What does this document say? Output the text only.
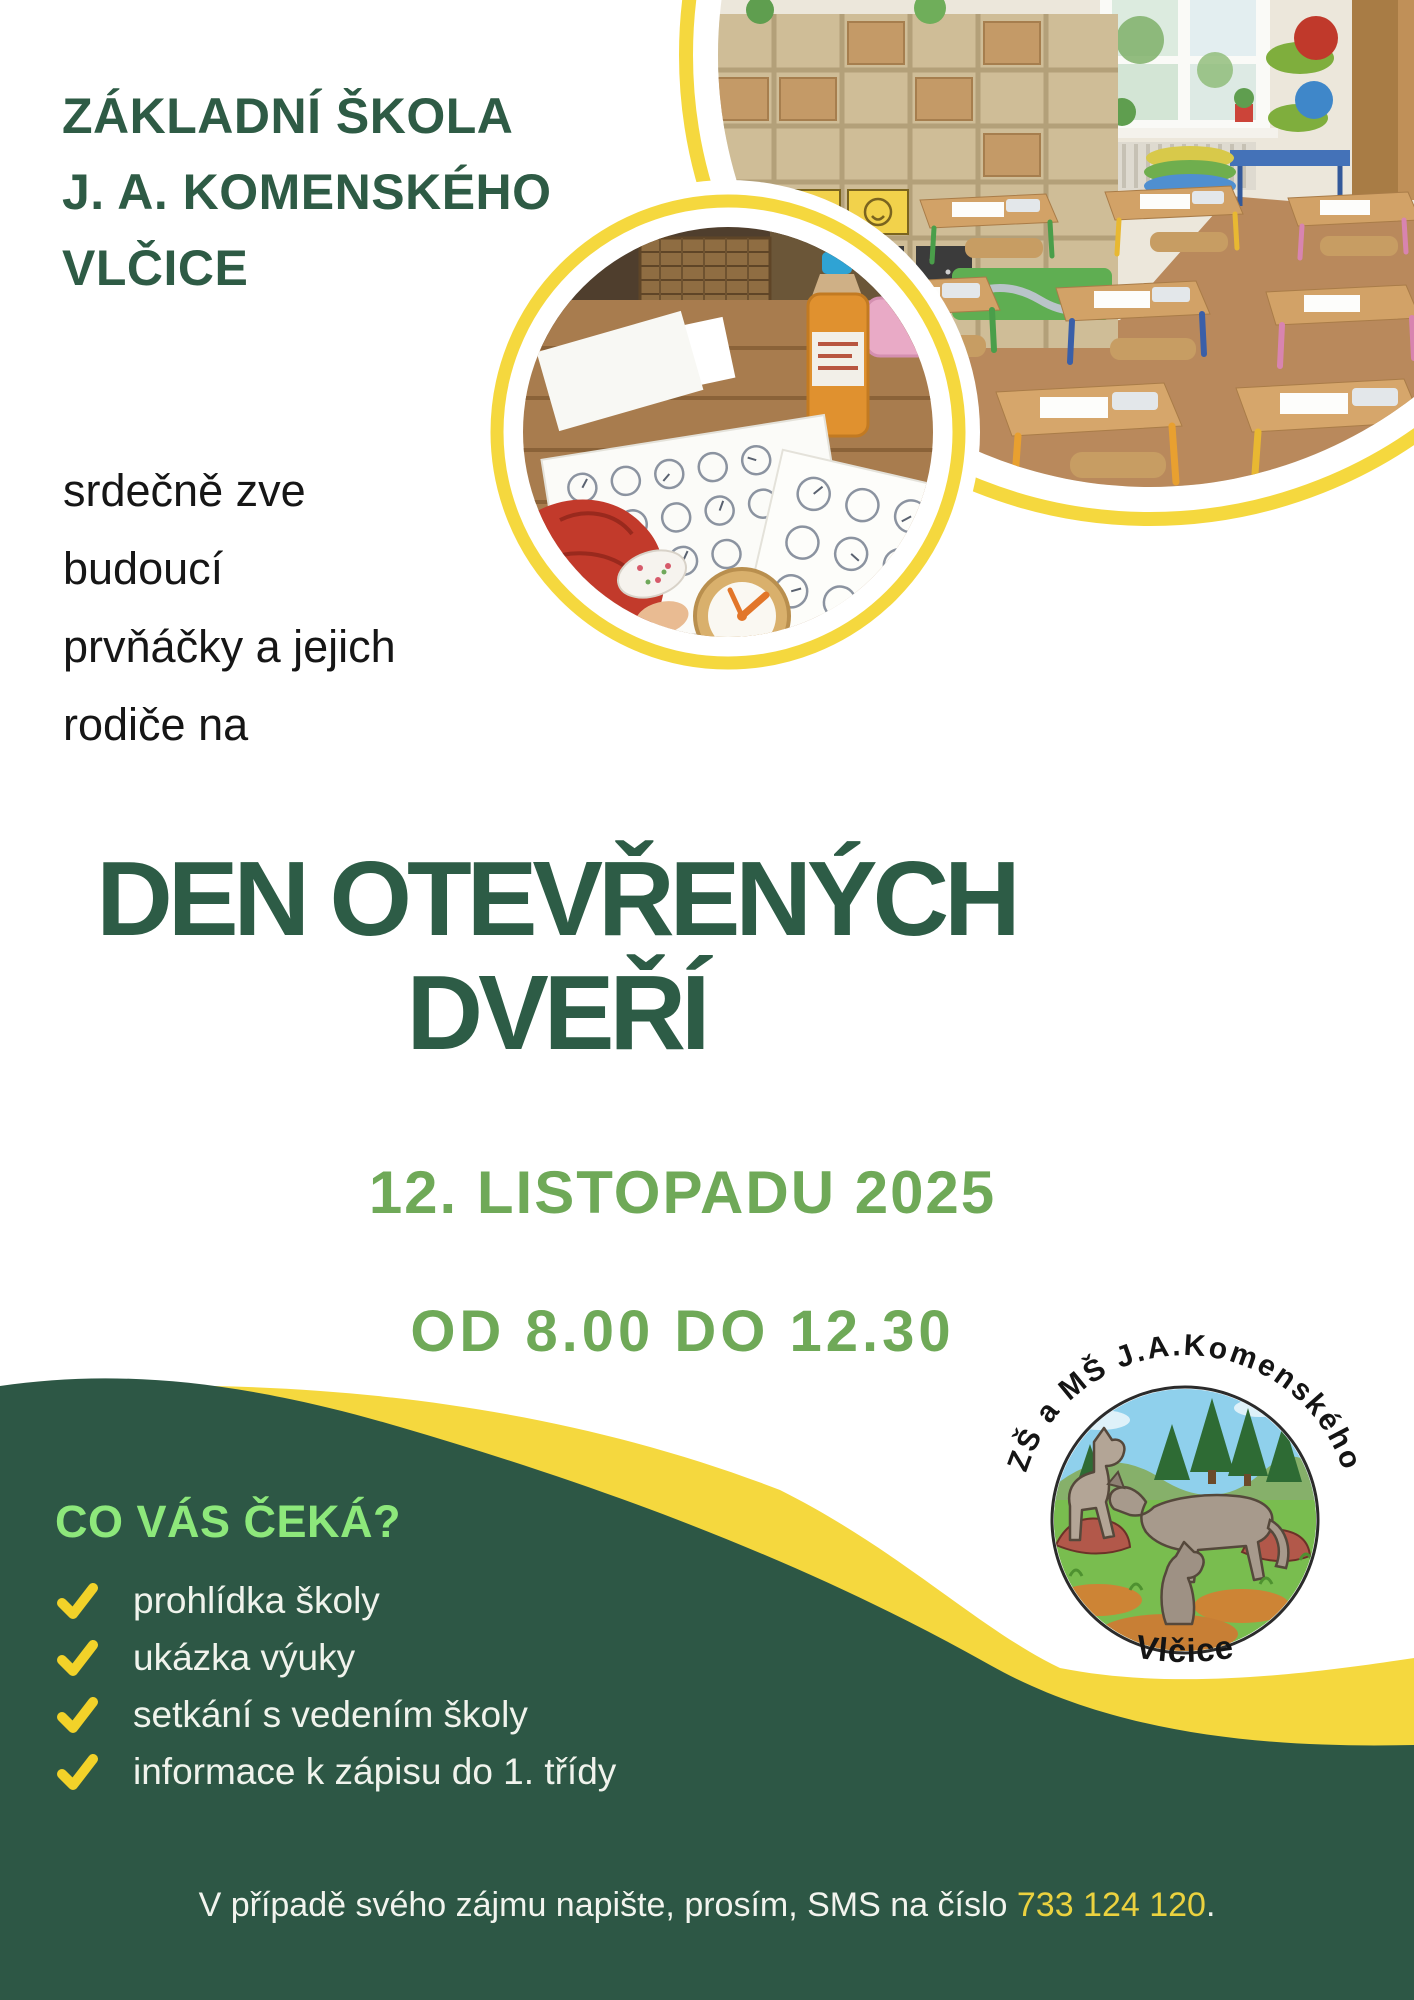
ZŠ a MŠ J.A.Komenského
Vlčice
ZÁKLADNÍ ŠKOLA
J. A. KOMENSKÉHO
VLČICE
srdečně zve
budoucí
prvňáčky a jejich
rodiče na
DEN OTEVŘENÝCH
DVEŘÍ
12. LISTOPADU 2025
OD 8.00 DO 12.30
CO VÁS ČEKÁ?
prohlídka školy
ukázka výuky
setkání s vedením školy
informace k zápisu do 1. třídy
V případě svého zájmu napište, prosím, SMS na číslo 733 124 120.
